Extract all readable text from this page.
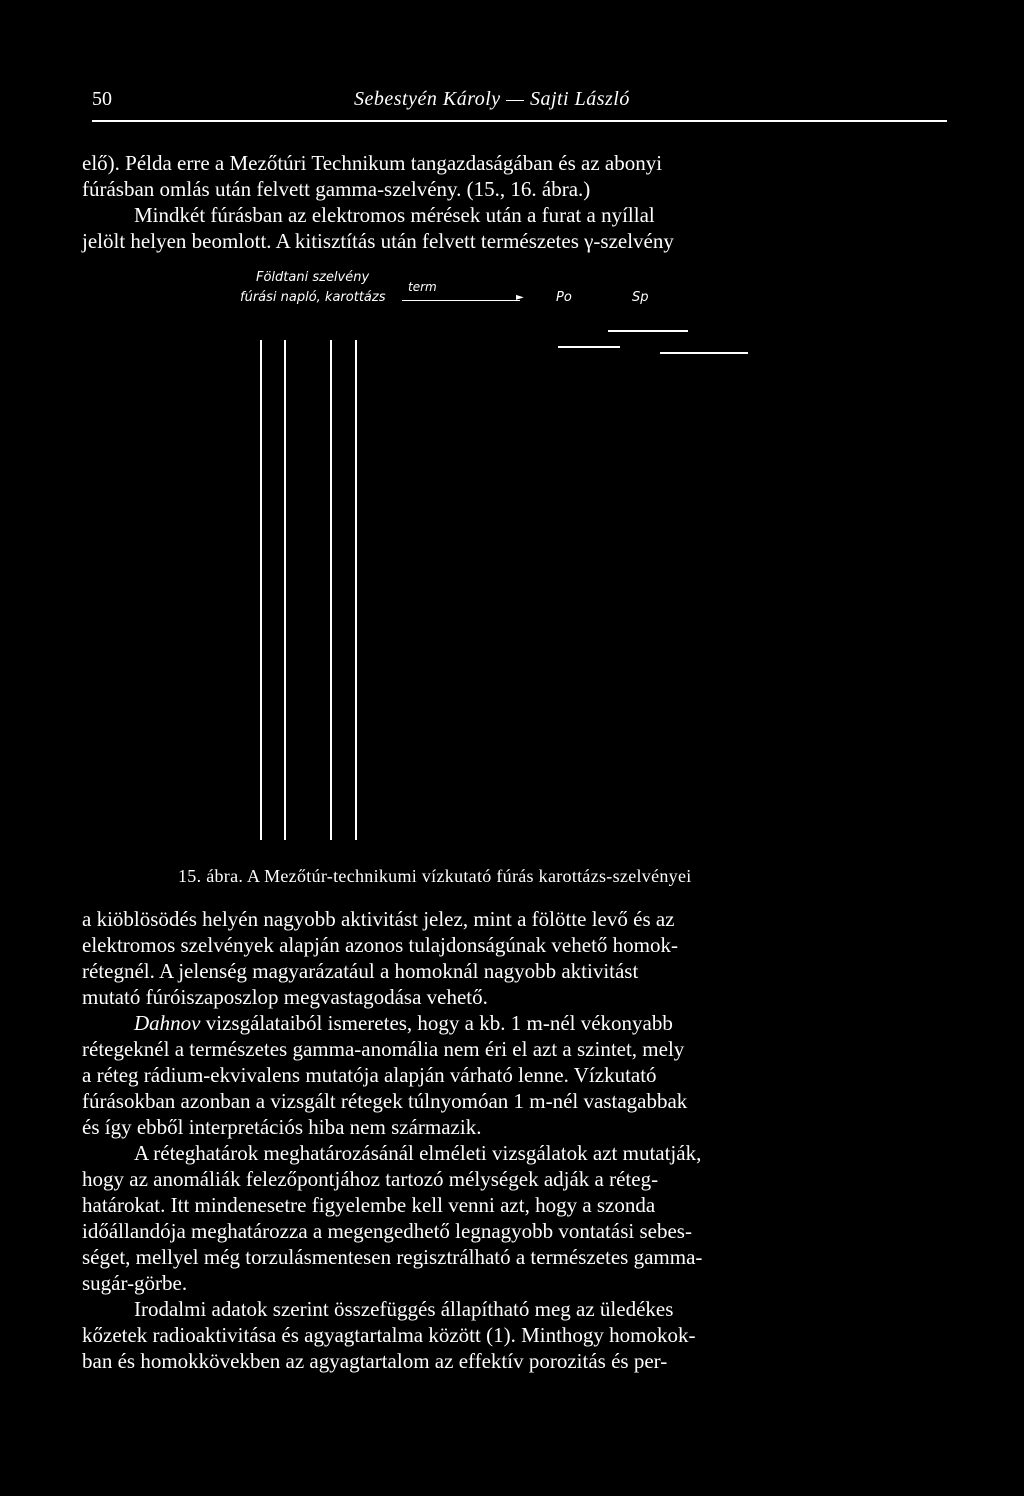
50	Sebestyén Károly — Sajti László

elő). Példa erre a Mezőtúri Technikum tangazdaságában és az abonyi

fúrásban omlás után felvett gamma-szelvény. (15., 16. ábra.)

Mindkét fúrásban az elektromos mérések után a furat a nyíllal

jelölt helyen beomlott. A kitisztítás után felvett természetes γ-szelvény

Földtani szelvény
fúrási napló, karottázs
term
► Po	Sp
15. ábra. A Mezőtúr-technikumi vízkutató fúrás karottázs-szelvényei

a kiöblösödés helyén nagyobb aktivitást jelez, mint a fölötte levő és az

elektromos szelvények alapján azonos tulajdonságúnak vehető homok-

rétegnél. A jelenség magyarázatául a homoknál nagyobb aktivitást

mutató fúróiszaposzlop megvastagodása vehető.

Dahnov vizsgálataiból ismeretes, hogy a kb. 1 m-nél vékonyabb

rétegeknél a természetes gamma-anomália nem éri el azt a szintet, mely

a réteg rádium-ekvivalens mutatója alapján várható lenne. Vízkutató

fúrásokban azonban a vizsgált rétegek túlnyomóan 1 m-nél vastagabbak

és így ebből interpretációs hiba nem származik.

A réteghatárok meghatározásánál elméleti vizsgálatok azt mutatják,

hogy az anomáliák felezőpontjához tartozó mélységek adják a réteg-

határokat. Itt mindenesetre figyelembe kell venni azt, hogy a szonda

időállandója meghatározza a megengedhető legnagyobb vontatási sebes-

séget, mellyel még torzulásmentesen regisztrálható a természetes gamma-

sugár-görbe.

Irodalmi adatok szerint összefüggés állapítható meg az üledékes

kőzetek radioaktivitása és agyagtartalma között (1). Minthogy homokok-

ban és homokkövekben az agyagtartalom az effektív porozitás és per-
